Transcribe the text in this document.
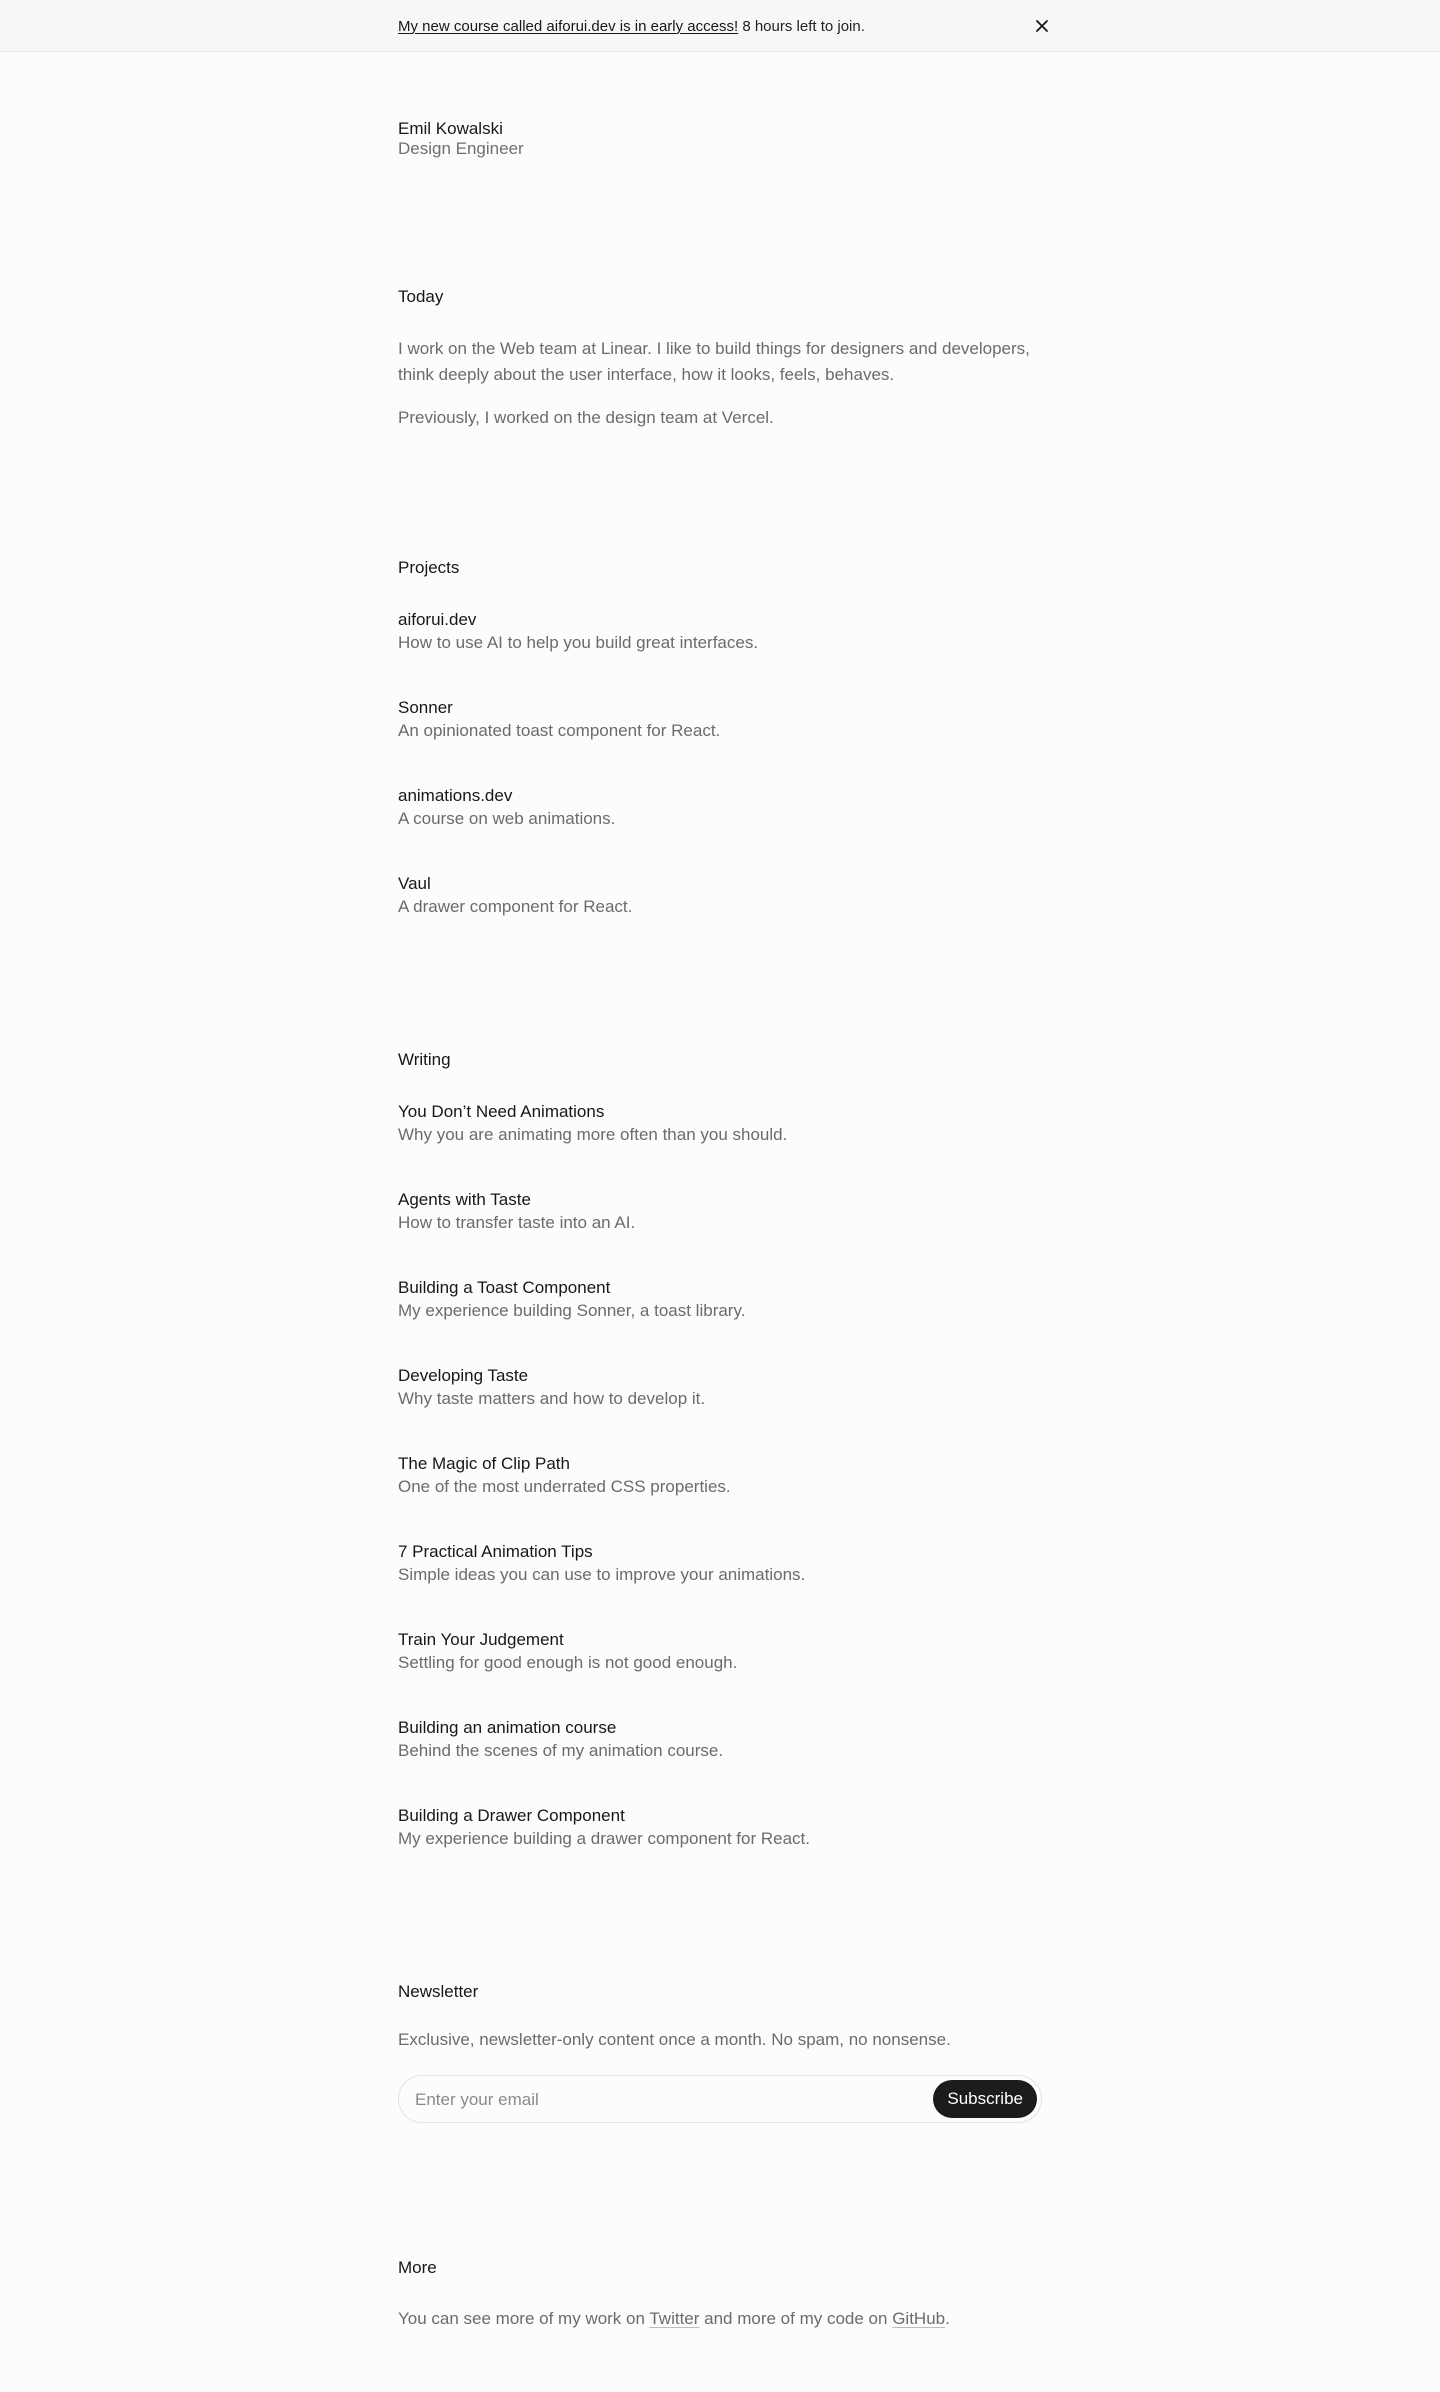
My new course called aiforui.dev is in early access! 8 hours left to join.
Emil Kowalski
Design Engineer
Today

I work on the Web team at Linear. I like to build things for designers and developers, think deeply about the user interface, how it looks, feels, behaves.

Previously, I worked on the design team at Vercel.

Projects
aiforui.dev
How to use AI to help you build great interfaces.
Sonner
An opinionated toast component for React.
animations.dev
A course on web animations.
Vaul
A drawer component for React.
Writing
You Don’t Need Animations
Why you are animating more often than you should.
Agents with Taste
How to transfer taste into an AI.
Building a Toast Component
My experience building Sonner, a toast library.
Developing Taste
Why taste matters and how to develop it.
The Magic of Clip Path
One of the most underrated CSS properties.
7 Practical Animation Tips
Simple ideas you can use to improve your animations.
Train Your Judgement
Settling for good enough is not good enough.
Building an animation course
Behind the scenes of my animation course.
Building a Drawer Component
My experience building a drawer component for React.
Newsletter

Exclusive, newsletter-only content once a month. No spam, no nonsense.

Enter your email
Subscribe
More

You can see more of my work on Twitter and more of my code on GitHub.
